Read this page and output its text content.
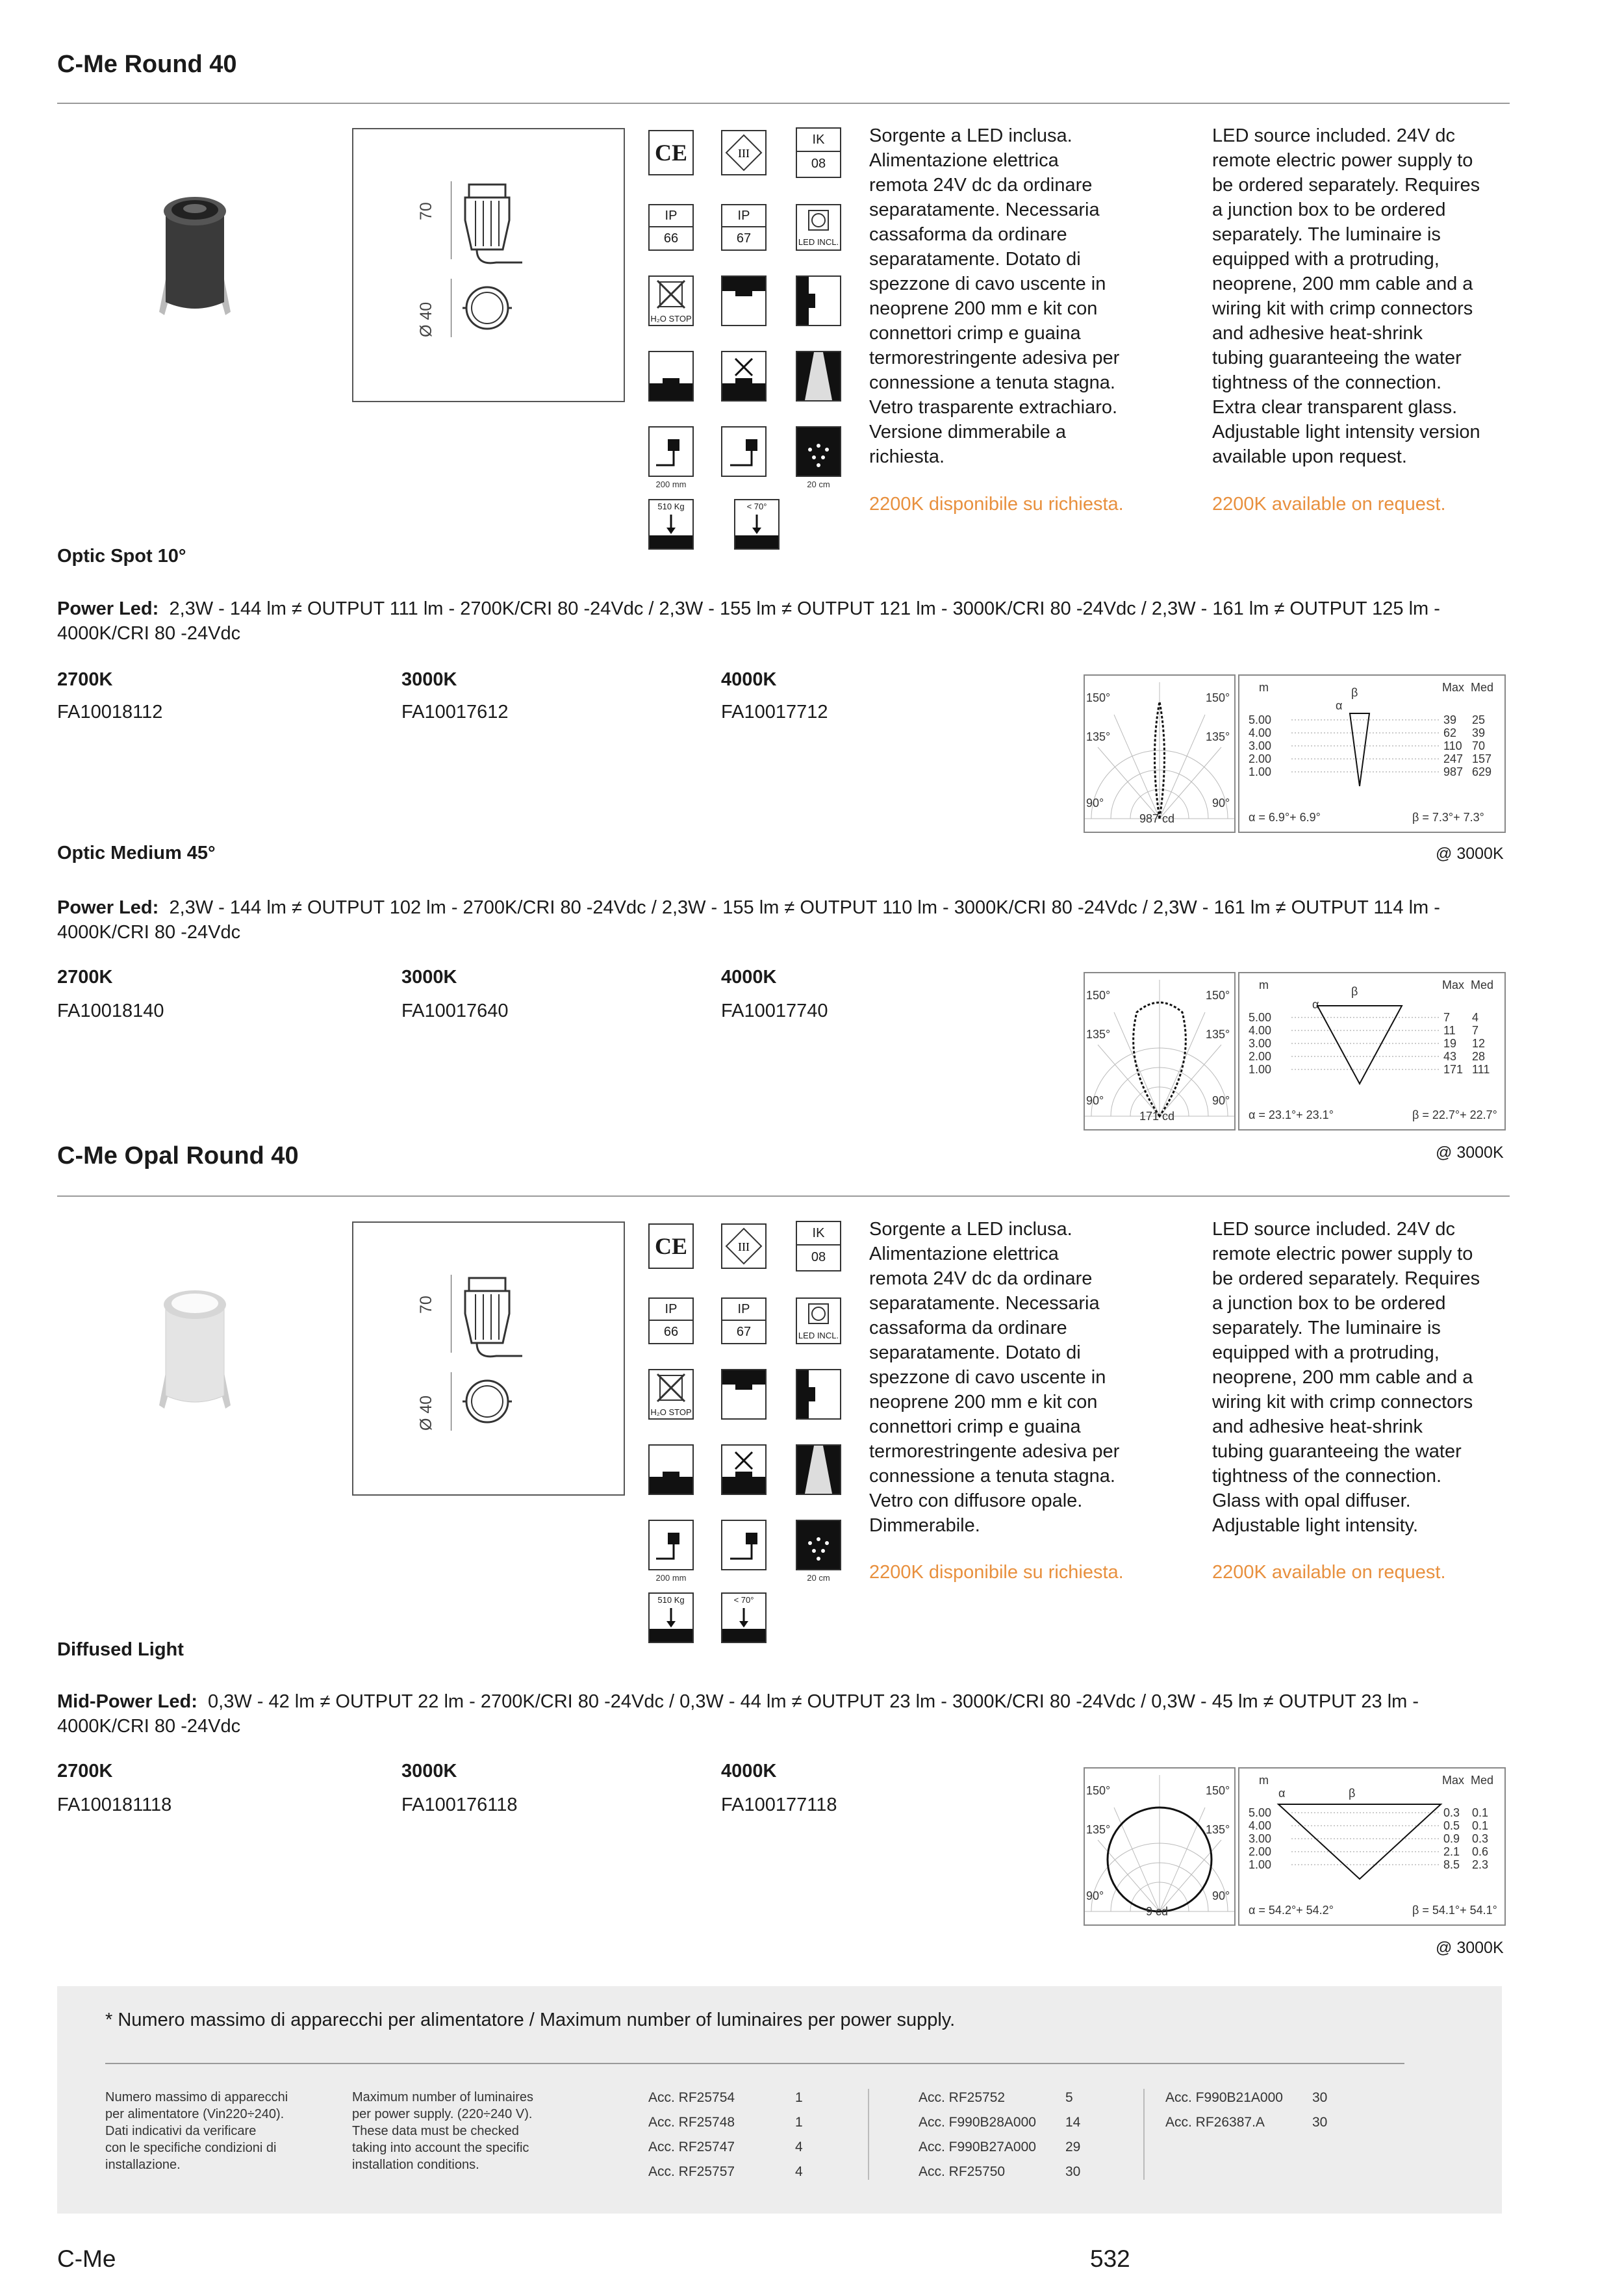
C-Me Round 40
70
Ø 40
CE	III
IK
08
IP
66
IP
67	LED INCL.
H₂O STOP
200 mm	20 cm
510 Kg	< 70°
Sorgente a LED inclusa.
Alimentazione elettrica
remota 24V dc da ordinare
separatamente. Necessaria
cassaforma da ordinare
separatamente. Dotato di
spezzone di cavo uscente in
neoprene 200 mm e kit con
connettori crimp e guaina
termorestringente adesiva per
connessione a tenuta stagna.
Vetro trasparente extrachiaro.
Versione dimmerabile a
richiesta.
LED source included. 24V dc
remote electric power supply to
be ordered separately. Requires
a junction box to be ordered
separately. The luminaire is
equipped with a protruding,
neoprene, 200 mm cable and a
wiring kit with crimp connectors
and adhesive heat-shrink
tubing guaranteeing the water
tightness of the connection.
Extra clear transparent glass.
Adjustable light intensity version
available upon request.
2200K disponibile su richiesta.	2200K available on request.
Optic Spot 10°
Power Led: 2,3W - 144 lm ≠ OUTPUT 111 lm - 2700K/CRI 80 -24Vdc / 2,3W - 155 lm ≠ OUTPUT 121 lm - 3000K/CRI 80 -24Vdc / 2,3W - 161 lm ≠ OUTPUT 125 lm - 4000K/CRI 80 -24Vdc
2700K	3000K	4000K
FA10018112	FA10017612	FA10017712
150°	150°
135°	135°
90°	90°
987 cd
m	Max Med
α
β
5.00	39 25
4.00	62 39
3.00	110 70
2.00	247 157
1.00	987 629
α = 6.9°+ 6.9°	β = 7.3°+ 7.3°
Optic Medium 45°	@ 3000K
Power Led: 2,3W - 144 lm ≠ OUTPUT 102 lm - 2700K/CRI 80 -24Vdc / 2,3W - 155 lm ≠ OUTPUT 110 lm - 3000K/CRI 80 -24Vdc / 2,3W - 161 lm ≠ OUTPUT 114 lm - 4000K/CRI 80 -24Vdc
2700K	3000K	4000K
FA10018140	FA10017640	FA10017740
150°	150°
135°	135°
90°	90°
171 cd
m	Max Med
α
β
5.00	7 4
4.00	11 7
3.00	19 12
2.00	43 28
1.00	171 111
α = 23.1°+ 23.1°	β = 22.7°+ 22.7°
C-Me Opal Round 40	@ 3000K
70
Ø 40
CE	III
IK
08
IP
66
IP
67	LED INCL.
H₂O STOP
200 mm	20 cm
510 Kg	< 70°
Sorgente a LED inclusa.
Alimentazione elettrica
remota 24V dc da ordinare
separatamente. Necessaria
cassaforma da ordinare
separatamente. Dotato di
spezzone di cavo uscente in
neoprene 200 mm e kit con
connettori crimp e guaina
termorestringente adesiva per
connessione a tenuta stagna.
Vetro con diffusore opale.
Dimmerabile.
LED source included. 24V dc
remote electric power supply to
be ordered separately. Requires
a junction box to be ordered
separately. The luminaire is
equipped with a protruding,
neoprene, 200 mm cable and a
wiring kit with crimp connectors
and adhesive heat-shrink
tubing guaranteeing the water
tightness of the connection.
Glass with opal diffuser.
Adjustable light intensity.
2200K disponibile su richiesta.	2200K available on request.
Diffused Light
Mid-Power Led: 0,3W - 42 lm ≠ OUTPUT 22 lm - 2700K/CRI 80 -24Vdc / 0,3W - 44 lm ≠ OUTPUT 23 lm - 3000K/CRI 80 -24Vdc / 0,3W - 45 lm ≠ OUTPUT 23 lm - 4000K/CRI 80 -24Vdc
2700K	3000K	4000K
FA100181118	FA100176118	FA100177118
150°	150°
135°	135°
90°	90°
9 cd
m	Max Med
α	β
5.00	0.3 0.1
4.00	0.5 0.1
3.00	0.9 0.3
2.00	2.1 0.6
1.00	8.5 2.3
α = 54.2°+ 54.2°	β = 54.1°+ 54.1°
@ 3000K
* Numero massimo di apparecchi per alimentatore / Maximum number of luminaires per power supply.
Numero massimo di apparecchi
per alimentatore (Vin220÷240).
Dati indicativi da verificare
con le specifiche condizioni di
installazione.
Maximum number of luminaires
per power supply. (220÷240 V).
These data must be checked
taking into account the specific
installation conditions.
Acc. RF25754	1
Acc. RF25748	1
Acc. RF25747	4
Acc. RF25757	4
Acc. RF25752	5
Acc. F990B28A000 14
Acc. F990B27A000 29
Acc. RF25750	30
Acc. F990B21A000 30
Acc. RF26387.A	30
C-Me	532
